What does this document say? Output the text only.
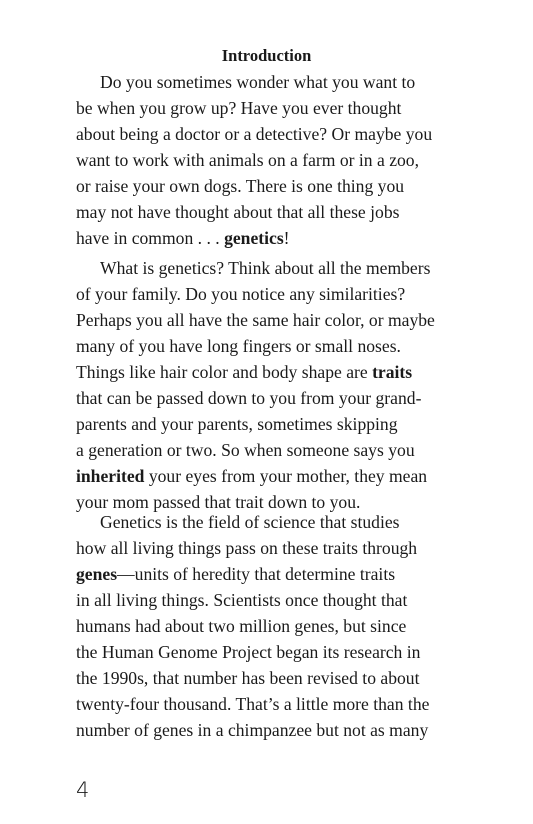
Introduction
Do you sometimes wonder what you want to
be when you grow up? Have you ever thought
about being a doctor or a detective? Or maybe you
want to work with animals on a farm or in a zoo,
or raise your own dogs. There is one thing you
may not have thought about that all these jobs
have in common . . . genetics!
What is genetics? Think about all the members
of your family. Do you notice any similarities?
Perhaps you all have the same hair color, or maybe
many of you have long fingers or small noses.
Things like hair color and body shape are traits
that can be passed down to you from your grand-
parents and your parents, sometimes skipping
a generation or two. So when someone says you
inherited your eyes from your mother, they mean
your mom passed that trait down to you.
Genetics is the field of science that studies
how all living things pass on these traits through
genes—units of heredity that determine traits
in all living things. Scientists once thought that
humans had about two million genes, but since
the Human Genome Project began its research in
the 1990s, that number has been revised to about
twenty-four thousand. That’s a little more than the
number of genes in a chimpanzee but not as many
4
